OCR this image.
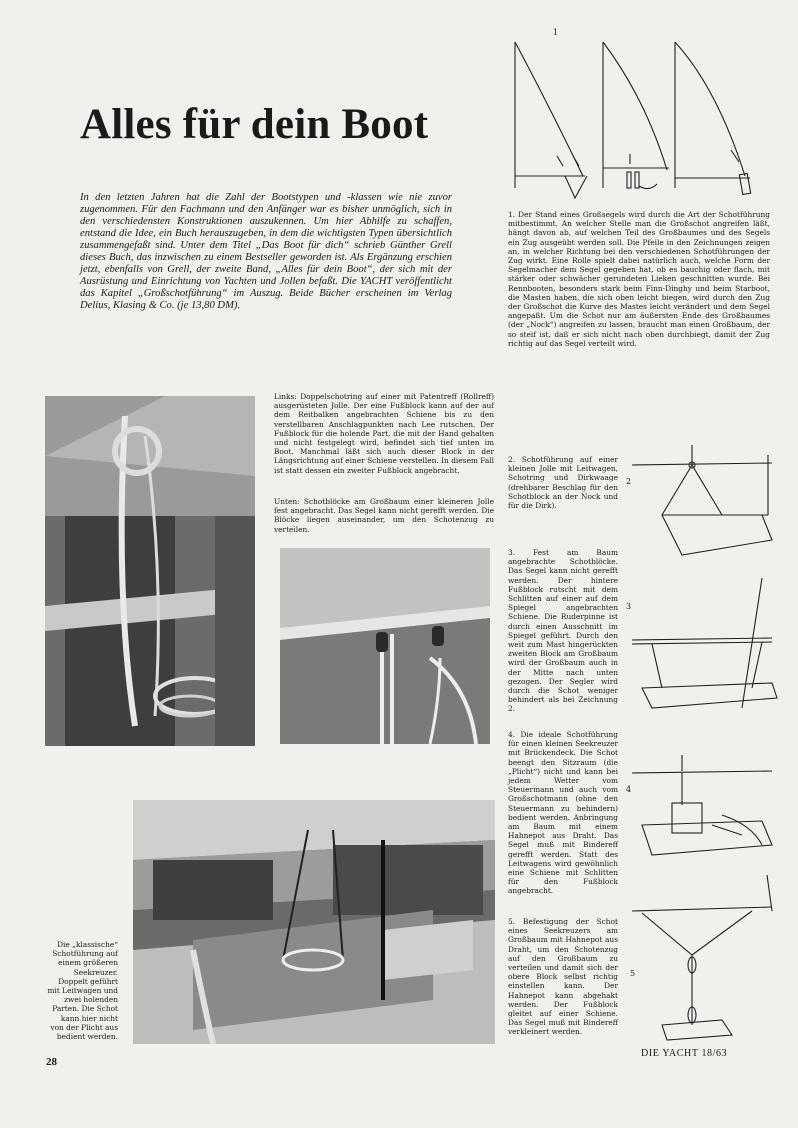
Alles für dein Boot

In den letzten Jahren hat die Zahl der Bootstypen und -klassen wie nie zuvor zugenommen. Für den Fachmann und den Anfänger war es bisher unmöglich, sich in den verschiedensten Konstruktionen auszukennen. Um hier Abhilfe zu schaffen, entstand die Idee, ein Buch herauszugeben, in dem die wichtigsten Typen übersichtlich zusammengefaßt sind. Unter dem Titel „Das Boot für dich“ schrieb Günther Grell dieses Buch, das inzwischen zu einem Bestseller geworden ist. Als Ergänzung erschien jetzt, ebenfalls von Grell, der zweite Band, „Alles für dein Boot“, der sich mit der Ausrüstung und Einrichtung von Yachten und Jollen befaßt. Die YACHT veröffentlicht das Kapitel „Großschotführung“ im Auszug. Beide Bücher erscheinen im Verlag Delius, Klasing & Co. (je 13,80 DM).

1

1. Der Stand eines Großsegels wird durch die Art der Schotführung mitbestimmt. An welcher Stelle man die Großschot angreifen läßt, hängt davon ab, auf welchen Teil des Großbaumes und des Segels ein Zug ausgeübt werden soll. Die Pfeile in den Zeichnungen zeigen an, in welcher Richtung bei den verschiedenen Schotführungen der Zug wirkt. Eine Rolle spielt dabei natürlich auch, welche Form der Segelmacher dem Segel gegeben hat, ob es bauchig oder flach, mit stärker oder schwächer gerundeten Lieken geschnitten wurde. Bei Rennbooten, besonders stark beim Finn-Dinghy und beim Starboot, die Masten haben, die sich oben leicht biegen, wird durch den Zug der Großschot die Kurve des Mastes leicht verändert und dem Segel angepaßt. Um die Schot nur am äußersten Ende des Großbaumes (der „Nock“) angreifen zu lassen, braucht man einen Großbaum, der so steif ist, daß er sich nicht nach oben durchbiegt, damit der Zug richtig auf das Segel verteilt wird.

Links: Doppelschotring auf einer mit Patentreff (Rollreff) ausgerüsteten Jolle. Der eine Fußblock kann auf der auf dem Reitbalken angebrachten Schiene bis zu den verstellbaren Anschlagpunkten nach Lee rutschen. Der Fußblock für die holende Part, die mit der Hand gehalten und nicht festgelegt wird, befindet sich tief unten im Boot. Manchmal läßt sich auch dieser Block in der Längsrichtung auf einer Schiene verstellen. In diesem Fall ist statt dessen ein zweiter Fußblock angebracht.

Unten: Schotblöcke am Großbaum einer kleineren Jolle fest angebracht. Das Segel kann nicht gerefft werden. Die Blöcke liegen auseinander, um den Schotenzug zu verteilen.

Die „klassische“ Schotführung auf einem größeren Seekreuzer. Doppelt geführt mit Leitwagen und zwei holenden Parten. Die Schot kann hier nicht von der Plicht aus bedient werden.

2. Schotführung auf einer kleinen Jolle mit Leitwagen, Schotring und Dirkwaage (drehbarer Beschlag für den Schotblock an der Nock und für die Dirk).

2

3. Fest am Baum angebrachte Schotblöcke. Das Segel kann nicht gerefft werden. Der hintere Fußblock rutscht mit dem Schlitten auf einer auf dem Spiegel angebrachten Schiene. Die Ruderpinne ist durch einen Ausschnitt im Spiegel geführt. Durch den weit zum Mast hingerückten zweiten Block am Großbaum wird der Großbaum auch in der Mitte nach unten gezogen. Der Segler wird durch die Schot weniger behindert als bei Zeichnung 2.

3

4. Die ideale Schotführung für einen kleinen Seekreuzer mit Brückendeck. Die Schot beengt den Sitzraum (die „Plicht“) nicht und kann bei jedem Wetter vom Steuermann und auch vom Großschotmann (ohne den Steuermann zu behindern) bedient werden. Anbringung am Baum mit einem Hahnepot aus Draht. Das Segel muß mit Bindereff gerefft werden. Statt des Leitwagens wird gewöhnlich eine Schiene mit Schlitten für den Fußblock angebracht.

4

5. Befestigung der Schot eines Seekreuzers am Großbaum mit Hahnepot aus Draht, um den Schotenzug auf den Großbaum zu verteilen und damit sich der obere Block selbst richtig einstellen kann. Der Hahnepot kann abgehakt werden. Der Fußblock gleitet auf einer Schiene. Das Segel muß mit Bindereff verkleinert werden.

5
28
DIE YACHT 18/63
